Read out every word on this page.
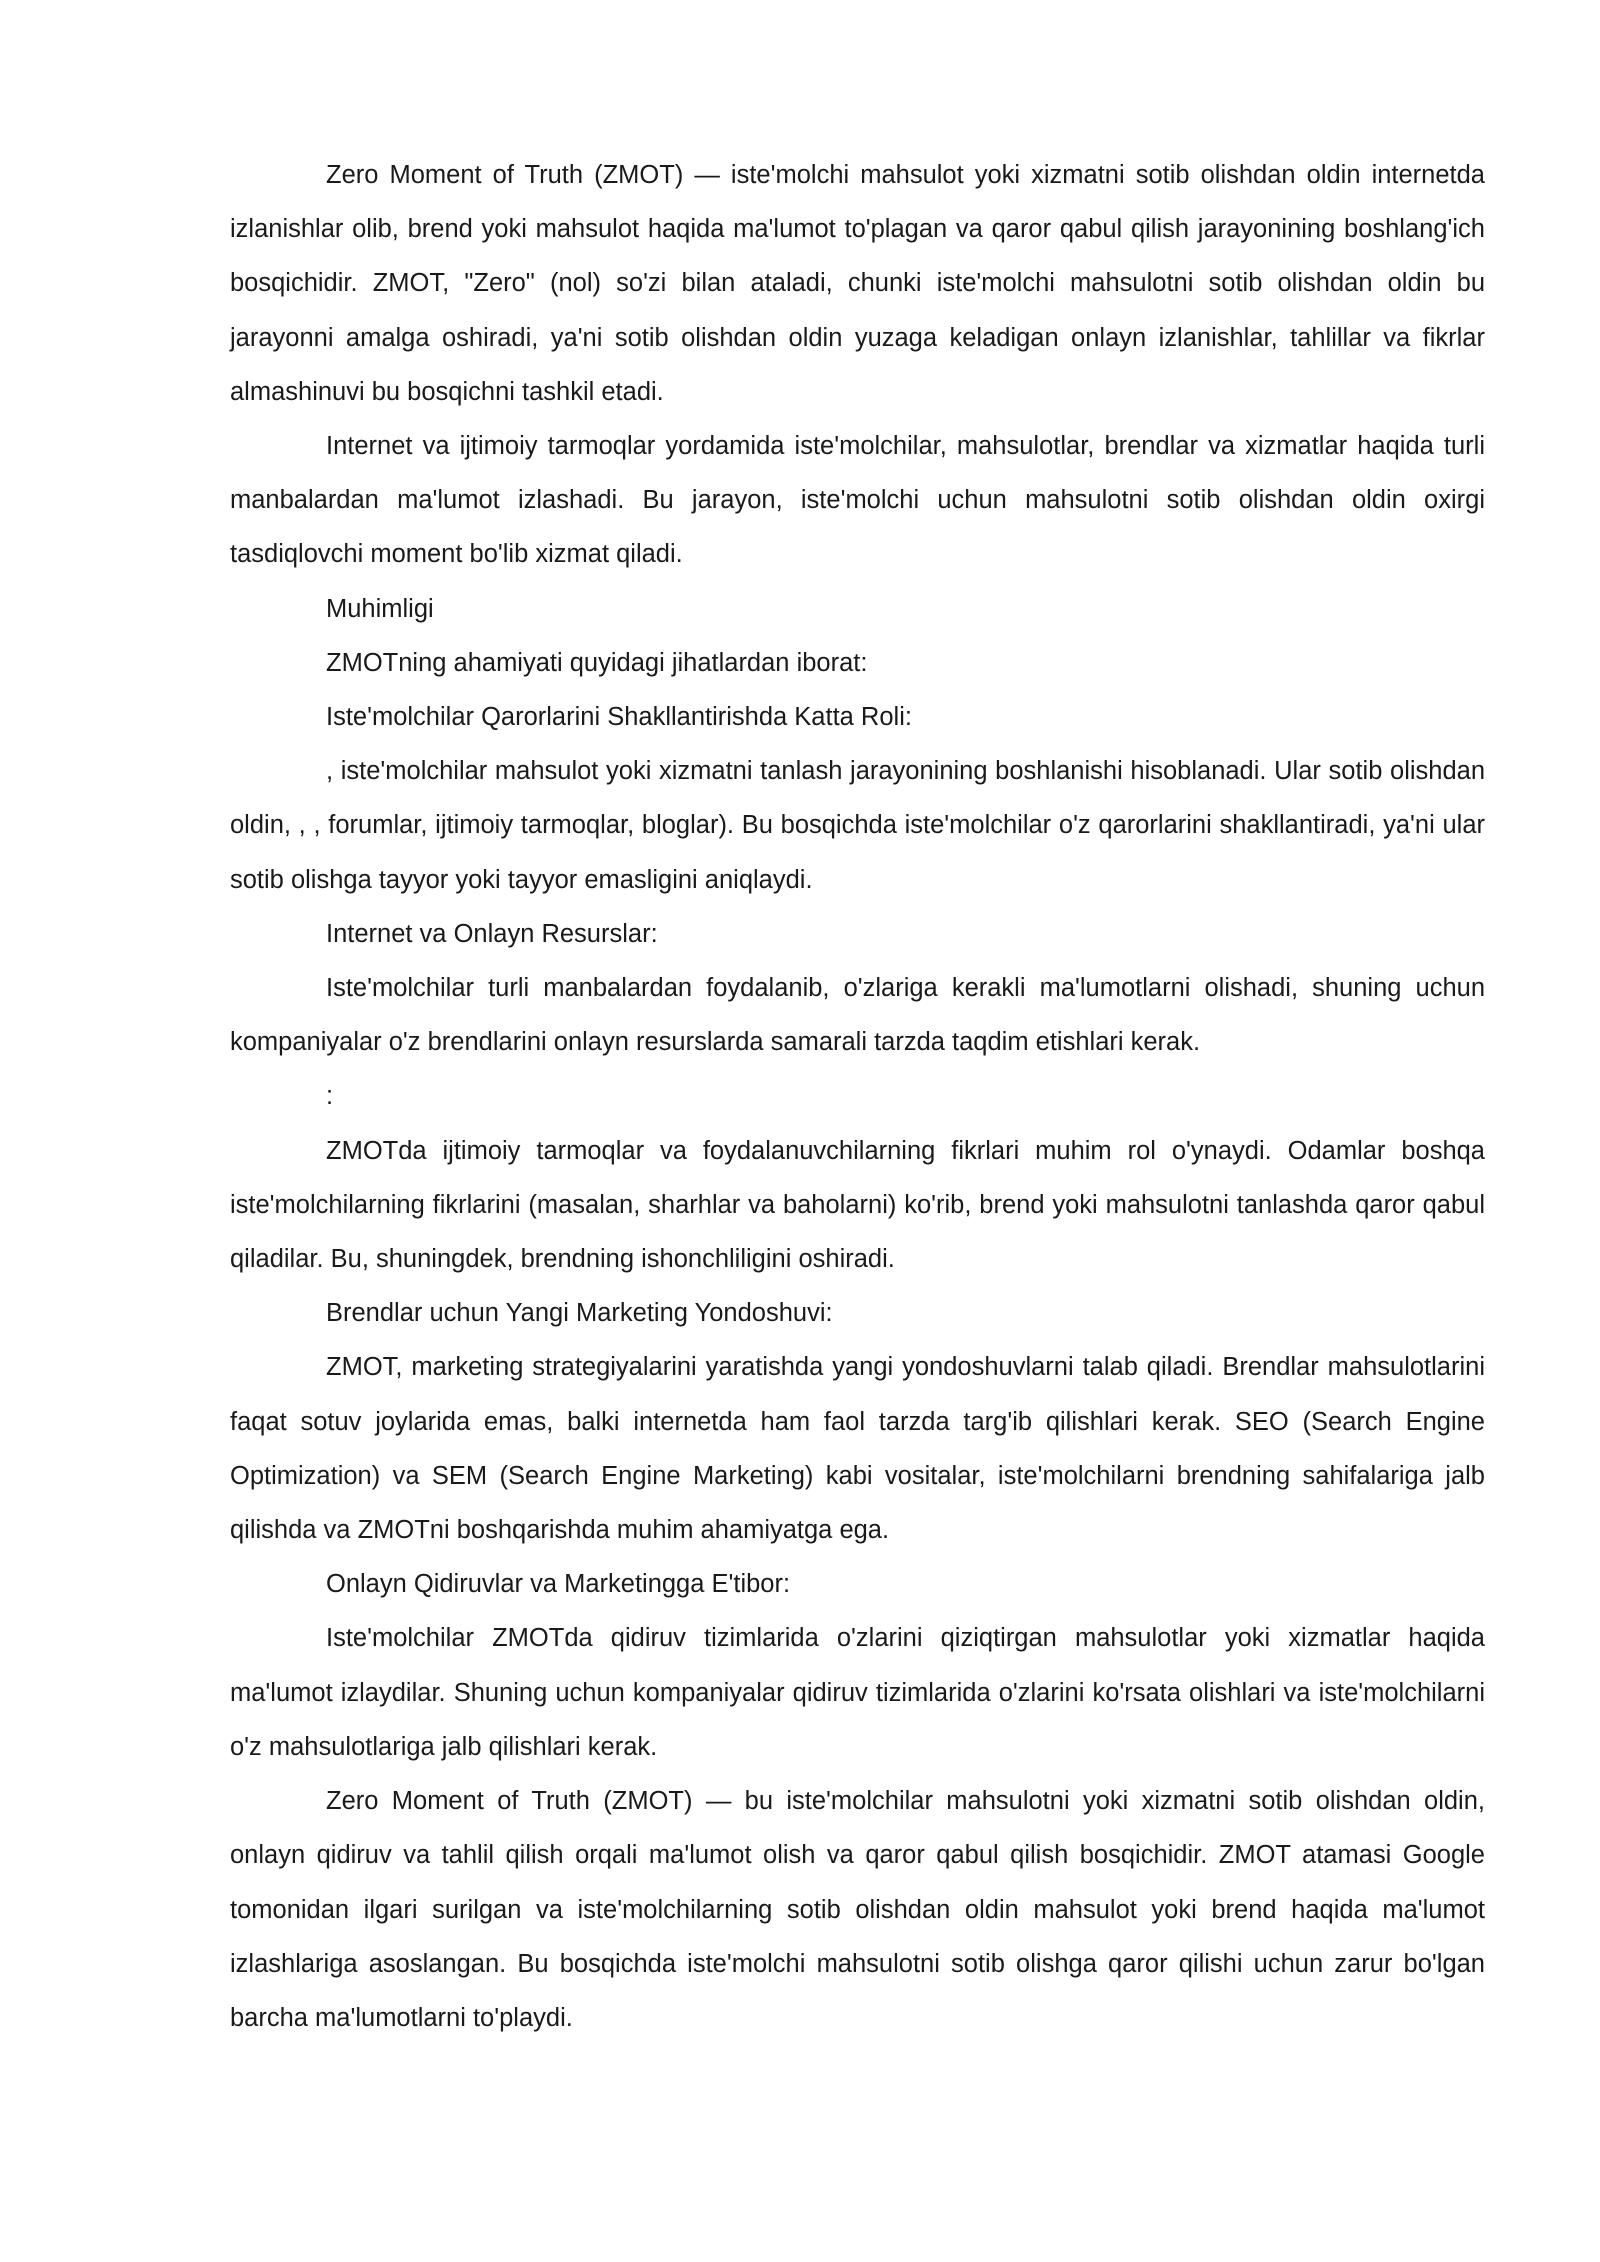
Zero Moment of Truth (ZMOT) — iste'molchi mahsulot yoki xizmatni sotib olishdan oldin internetda izlanishlar olib, brend yoki mahsulot haqida ma'lumot to'plagan va qaror qabul qilish jarayonining boshlang'ich bosqichidir. ZMOT, "Zero" (nol) so'zi bilan ataladi, chunki iste'molchi mahsulotni sotib olishdan oldin bu jarayonni amalga oshiradi, ya'ni sotib olishdan oldin yuzaga keladigan onlayn izlanishlar, tahlillar va fikrlar almashinuvi bu bosqichni tashkil etadi.

Internet va ijtimoiy tarmoqlar yordamida iste'molchilar, mahsulotlar, brendlar va xizmatlar haqida turli manbalardan ma'lumot izlashadi. Bu jarayon, iste'molchi uchun mahsulotni sotib olishdan oldin oxirgi tasdiqlovchi moment bo'lib xizmat qiladi.

Muhimligi

ZMOTning ahamiyati quyidagi jihatlardan iborat:

Iste'molchilar Qarorlarini Shakllantirishda Katta Roli:

, iste'molchilar mahsulot yoki xizmatni tanlash jarayonining boshlanishi hisoblanadi. Ular sotib olishdan oldin, , , forumlar, ijtimoiy tarmoqlar, bloglar). Bu bosqichda iste'molchilar o'z qarorlarini shakllantiradi, ya'ni ular sotib olishga tayyor yoki tayyor emasligini aniqlaydi.

Internet va Onlayn Resurslar:

Iste'molchilar turli manbalardan foydalanib, o'zlariga kerakli ma'lumotlarni olishadi, shuning uchun kompaniyalar o'z brendlarini onlayn resurslarda samarali tarzda taqdim etishlari kerak.

:

ZMOTda ijtimoiy tarmoqlar va foydalanuvchilarning fikrlari muhim rol o'ynaydi. Odamlar boshqa iste'molchilarning fikrlarini (masalan, sharhlar va baholarni) ko'rib, brend yoki mahsulotni tanlashda qaror qabul qiladilar. Bu, shuningdek, brendning ishonchliligini oshiradi.

Brendlar uchun Yangi Marketing Yondoshuvi:

ZMOT, marketing strategiyalarini yaratishda yangi yondoshuvlarni talab qiladi. Brendlar mahsulotlarini faqat sotuv joylarida emas, balki internetda ham faol tarzda targ'ib qilishlari kerak. SEO (Search Engine Optimization) va SEM (Search Engine Marketing) kabi vositalar, iste'molchilarni brendning sahifalariga jalb qilishda va ZMOTni boshqarishda muhim ahamiyatga ega.

Onlayn Qidiruvlar va Marketingga E'tibor:

Iste'molchilar ZMOTda qidiruv tizimlarida o'zlarini qiziqtirgan mahsulotlar yoki xizmatlar haqida ma'lumot izlaydilar. Shuning uchun kompaniyalar qidiruv tizimlarida o'zlarini ko'rsata olishlari va iste'molchilarni o'z mahsulotlariga jalb qilishlari kerak.

Zero Moment of Truth (ZMOT) — bu iste'molchilar mahsulotni yoki xizmatni sotib olishdan oldin, onlayn qidiruv va tahlil qilish orqali ma'lumot olish va qaror qabul qilish bosqichidir. ZMOT atamasi Google tomonidan ilgari surilgan va iste'molchilarning sotib olishdan oldin mahsulot yoki brend haqida ma'lumot izlashlariga asoslangan. Bu bosqichda iste'molchi mahsulotni sotib olishga qaror qilishi uchun zarur bo'lgan barcha ma'lumotlarni to'playdi.
